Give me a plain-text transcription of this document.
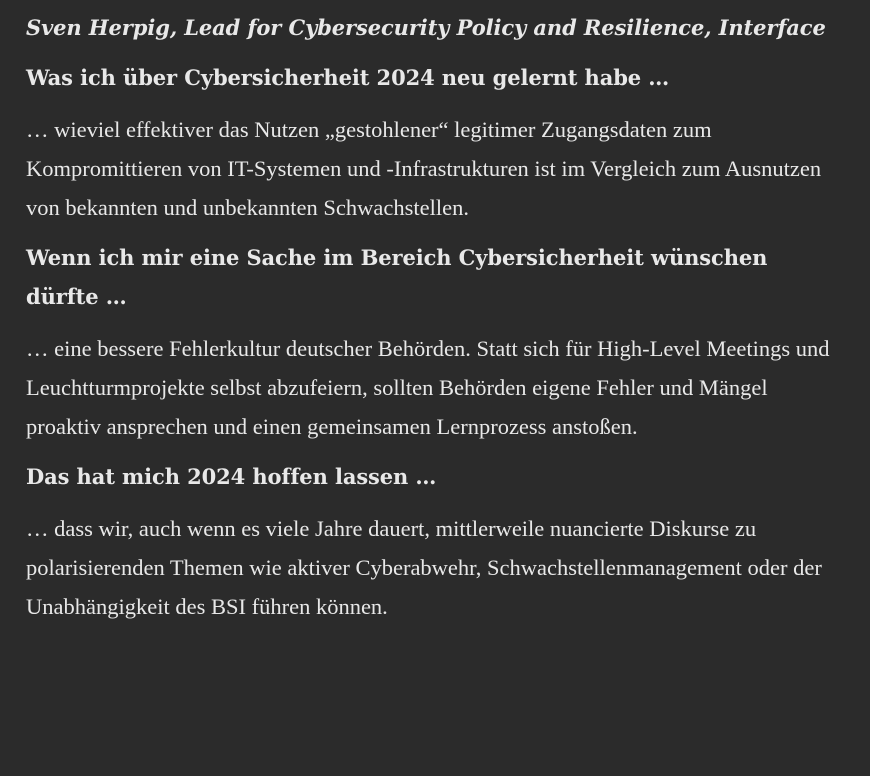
Sven Herpig, Lead for Cybersecurity Policy and Resilience, Interface

Was ich über Cybersicherheit 2024 neu gelernt habe …

… wieviel effektiver das Nutzen „gestohlener“ legitimer Zugangsdaten zum Kompromittieren von IT-Systemen und -Infrastrukturen ist im Vergleich zum Ausnutzen von bekannten und unbekannten Schwachstellen.

Wenn ich mir eine Sache im Bereich Cybersicherheit wünschen dürfte …

… eine bessere Fehlerkultur deutscher Behörden. Statt sich für High-Level Meetings und Leuchtturmprojekte selbst abzufeiern, sollten Behörden eigene Fehler und Mängel proaktiv ansprechen und einen gemeinsamen Lernprozess anstoßen.

Das hat mich 2024 hoffen lassen …

… dass wir, auch wenn es viele Jahre dauert, mittlerweile nuancierte Diskurse zu polarisierenden Themen wie aktiver Cyberabwehr, Schwachstellenmanagement oder der Unabhängigkeit des BSI führen können.
